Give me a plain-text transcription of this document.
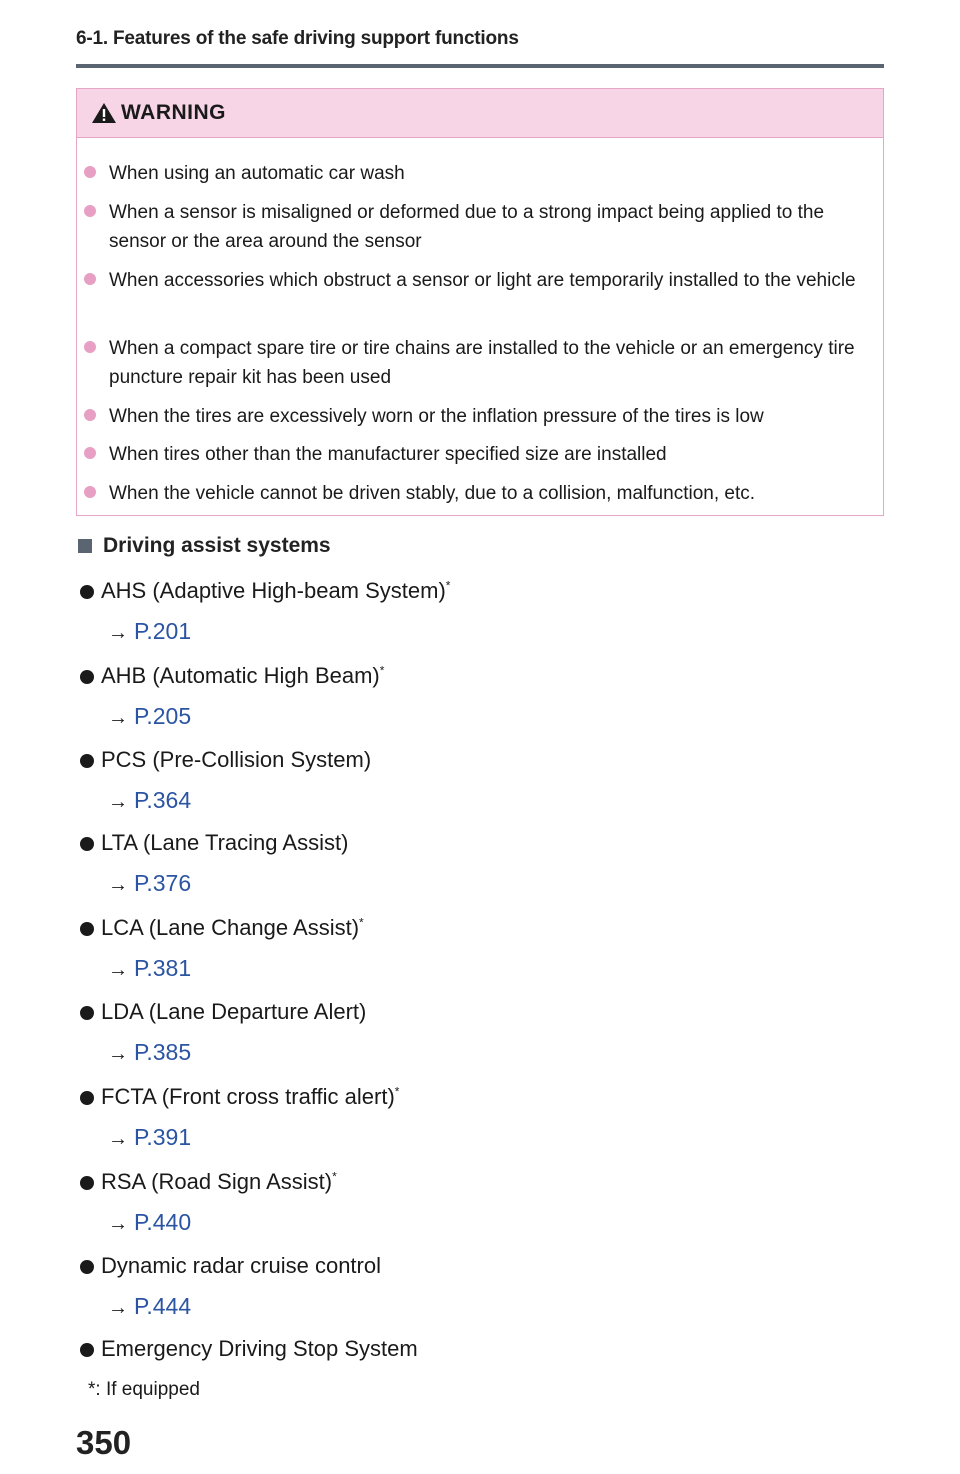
6-1. Features of the safe driving support functions
WARNING
When using an automatic car wash
When a sensor is misaligned or deformed due to a strong impact being applied to the sensor or the area around the sensor
When accessories which obstruct a sensor or light are temporarily installed to the vehicle
When a compact spare tire or tire chains are installed to the vehicle or an emergency tire puncture repair kit has been used
When the tires are excessively worn or the inflation pressure of the tires is low
When tires other than the manufacturer specified size are installed
When the vehicle cannot be driven stably, due to a collision, malfunction, etc.
Driving assist systems
AHS (Adaptive High-beam System)*
→ P.201
AHB (Automatic High Beam)*
→ P.205
PCS (Pre-Collision System)
→ P.364
LTA (Lane Tracing Assist)
→ P.376
LCA (Lane Change Assist)*
→ P.381
LDA (Lane Departure Alert)
→ P.385
FCTA (Front cross traffic alert)*
→ P.391
RSA (Road Sign Assist)*
→ P.440
Dynamic radar cruise control
→ P.444
Emergency Driving Stop System
*: If equipped
350
